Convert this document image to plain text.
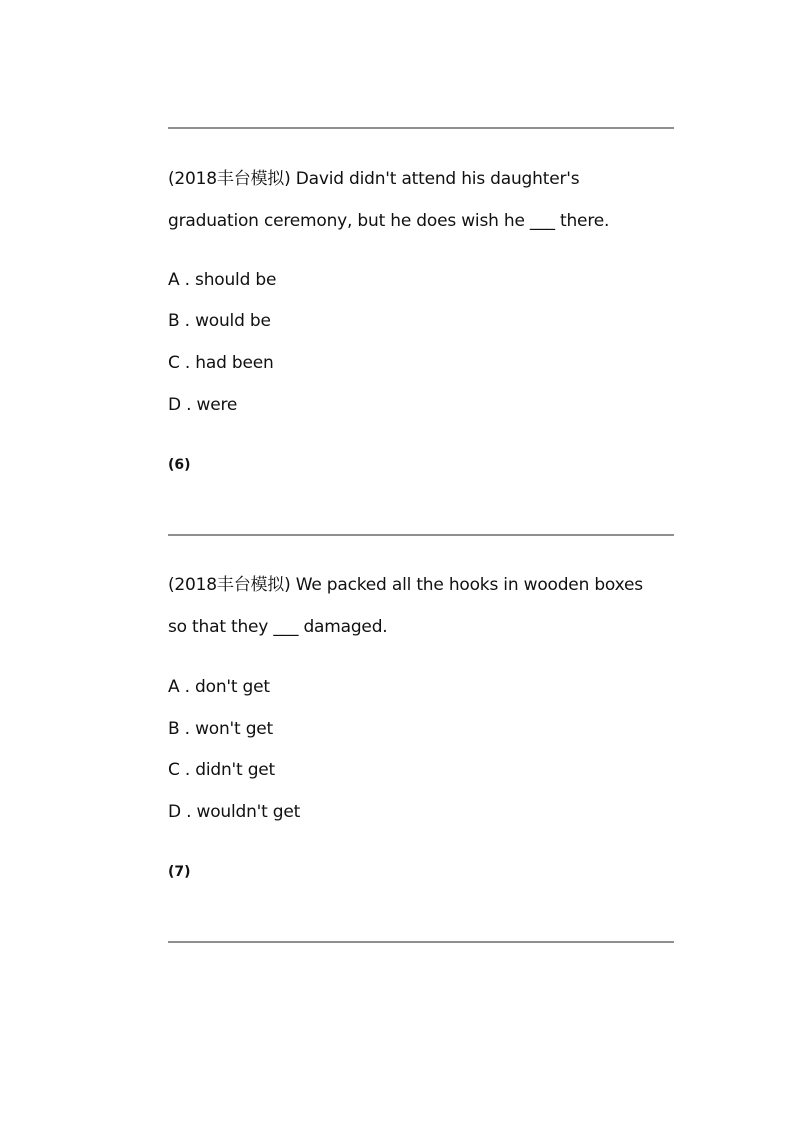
(2018丰台模拟) David didn't attend his daughter's
graduation ceremony, but he does wish he ___ there.
A . should be
B . would be
C . had been
D . were
(6)
(2018丰台模拟) We packed all the hooks in wooden boxes
so that they ___ damaged.
A . don't get
B . won't get
C . didn't get
D . wouldn't get
(7)
